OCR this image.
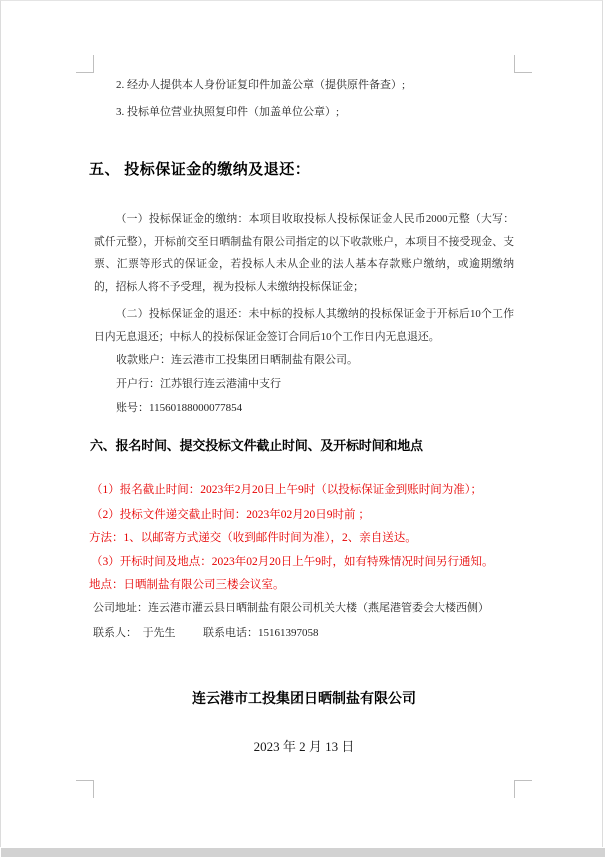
2. 经办人提供本人身份证复印件加盖公章（提供原件备查）;
3. 投标单位营业执照复印件（加盖单位公章）;
五、 投标保证金的缴纳及退还：
（一）投标保证金的缴纳：本项目收取投标人投标保证金人民币2000元整（大写：贰仟元整），开标前交至日晒制盐有限公司指定的以下收款账户，本项目不接受现金、支票、汇票等形式的保证金，若投标人未从企业的法人基本存款账户缴纳，或逾期缴纳的，招标人将不予受理，视为投标人未缴纳投标保证金；
（二）投标保证金的退还：未中标的投标人其缴纳的投标保证金于开标后10个工作日内无息退还；中标人的投标保证金签订合同后10个工作日内无息退还。
收款账户：连云港市工投集团日晒制盐有限公司。
开户行：江苏银行连云港浦中支行
账号：11560188000077854
六、报名时间、提交投标文件截止时间、及开标时间和地点
（1）报名截止时间：2023年2月20日上午9时（以投标保证金到账时间为准）；
（2）投标文件递交截止时间：2023年02月20日9时前 ；
方法：1、以邮寄方式递交（收到邮件时间为准），2、亲自送达。
（3）开标时间及地点：2023年02月20日上午9时，如有特殊情况时间另行通知。
地点：日晒制盐有限公司三楼会议室。
公司地址：连云港市灌云县日晒制盐有限公司机关大楼（燕尾港管委会大楼西侧）
联系人：  于先生          联系电话：15161397058
连云港市工投集团日晒制盐有限公司
2023 年 2 月 13 日
